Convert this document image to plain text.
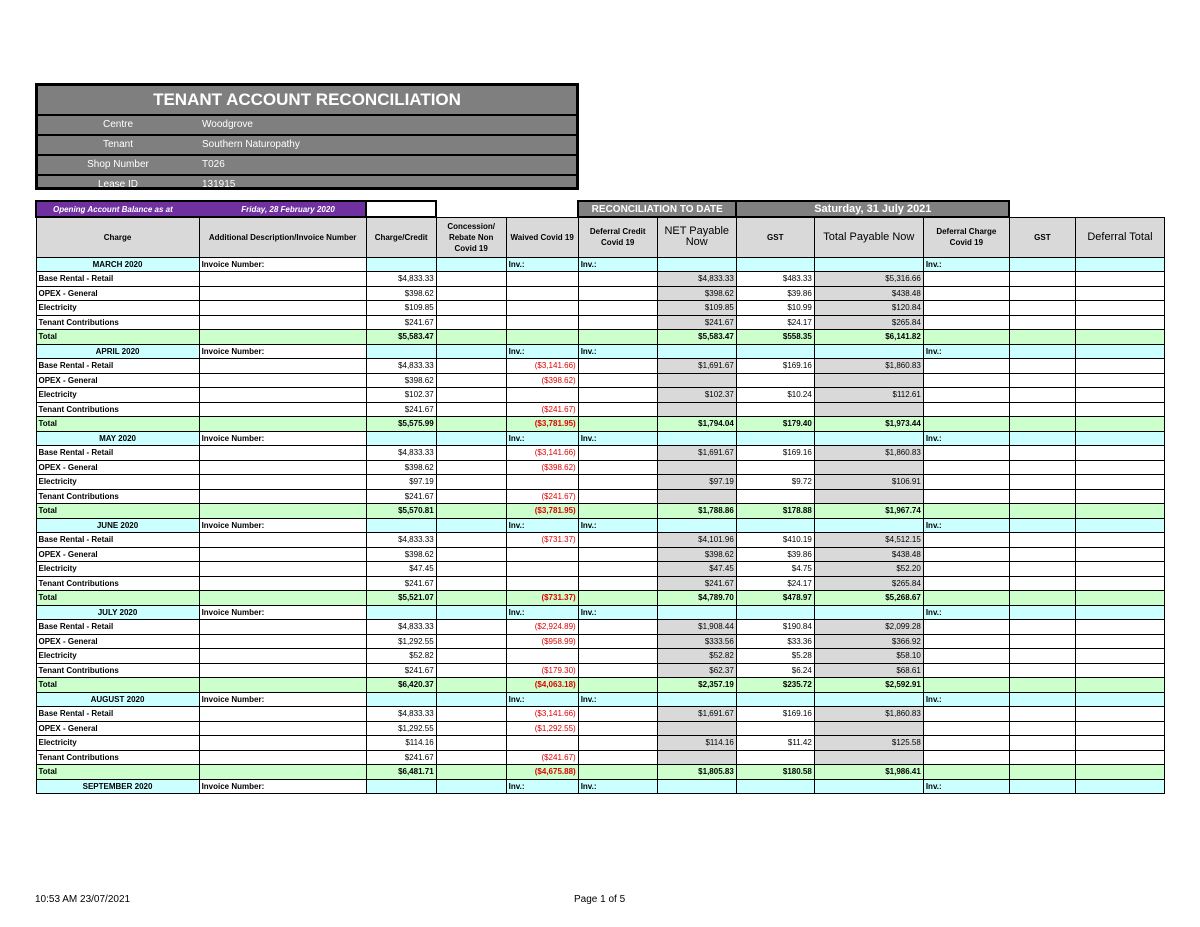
TENANT ACCOUNT RECONCILIATION
Centre	Woodgrove
Tenant	Southern Naturopathy
Shop Number	T026
Lease ID	131915
Opening Account Balance as at Friday, 28 February 2020					RECONCILIATION TO DATE		Saturday, 31 July 2021				
Charge	Additional Description/Invoice Number	Charge/Credit	Concession/ Rebate Non Covid 19	Waived Covid 19	Deferral Credit Covid 19	NET Payable Now	GST	Total Payable Now	Deferral Charge Covid 19	GST	Deferral Total
MARCH 2020	Invoice Number:			Inv.:	Inv.:				Inv.:		
Base Rental - Retail		$4,833.33				$4,833.33	$483.33	$5,316.66			
OPEX - General		$398.62				$398.62	$39.86	$438.48			
Electricity		$109.85				$109.85	$10.99	$120.84			
Tenant Contributions		$241.67				$241.67	$24.17	$265.84			
Total		$5,583.47				$5,583.47	$558.35	$6,141.82			
APRIL 2020	Invoice Number:			Inv.:	Inv.:				Inv.:		
Base Rental - Retail		$4,833.33		($3,141.66)		$1,691.67	$169.16	$1,860.83			
OPEX - General		$398.62		($398.62)							
Electricity		$102.37				$102.37	$10.24	$112.61			
Tenant Contributions		$241.67		($241.67)							
Total		$5,575.99		($3,781.95)		$1,794.04	$179.40	$1,973.44			
MAY 2020	Invoice Number:			Inv.:	Inv.:				Inv.:		
Base Rental - Retail		$4,833.33		($3,141.66)		$1,691.67	$169.16	$1,860.83			
OPEX - General		$398.62		($398.62)							
Electricity		$97.19				$97.19	$9.72	$106.91			
Tenant Contributions		$241.67		($241.67)							
Total		$5,570.81		($3,781.95)		$1,788.86	$178.88	$1,967.74			
JUNE 2020	Invoice Number:			Inv.:	Inv.:				Inv.:		
Base Rental - Retail		$4,833.33		($731.37)		$4,101.96	$410.19	$4,512.15			
OPEX - General		$398.62				$398.62	$39.86	$438.48			
Electricity		$47.45				$47.45	$4.75	$52.20			
Tenant Contributions		$241.67				$241.67	$24.17	$265.84			
Total		$5,521.07		($731.37)		$4,789.70	$478.97	$5,268.67			
JULY 2020	Invoice Number:			Inv.:	Inv.:				Inv.:		
Base Rental - Retail		$4,833.33		($2,924.89)		$1,908.44	$190.84	$2,099.28			
OPEX - General		$1,292.55		($958.99)		$333.56	$33.36	$366.92			
Electricity		$52.82				$52.82	$5.28	$58.10			
Tenant Contributions		$241.67		($179.30)		$62.37	$6.24	$68.61			
Total		$6,420.37		($4,063.18)		$2,357.19	$235.72	$2,592.91			
AUGUST 2020	Invoice Number:			Inv.:	Inv.:				Inv.:		
Base Rental - Retail		$4,833.33		($3,141.66)		$1,691.67	$169.16	$1,860.83			
OPEX - General		$1,292.55		($1,292.55)							
Electricity		$114.16				$114.16	$11.42	$125.58			
Tenant Contributions		$241.67		($241.67)							
Total		$6,481.71		($4,675.88)		$1,805.83	$180.58	$1,986.41			
SEPTEMBER 2020	Invoice Number:			Inv.:	Inv.:				Inv.:		
10:53 AM 23/07/2021	Page 1 of 5
